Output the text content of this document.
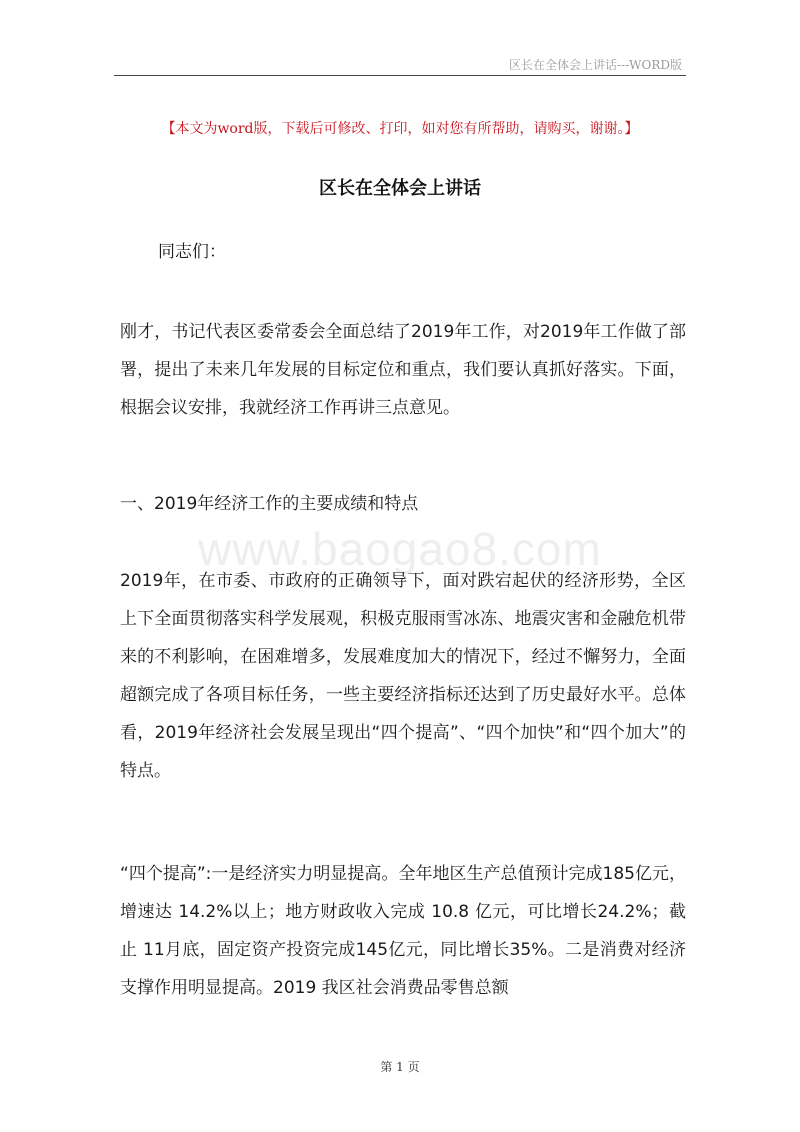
区长在全体会上讲话---WORD版
【本文为word版，下载后可修改、打印，如对您有所帮助，请购买，谢谢。】
区长在全体会上讲话
www.baogao8.com
同志们：
刚才，书记代表区委常委会全面总结了2019年工作，对2019年工作做了部署，提出了未来几年发展的目标定位和重点，我们要认真抓好落实。下面，根据会议安排，我就经济工作再讲三点意见。
一、2019年经济工作的主要成绩和特点
2019年，在市委、市政府的正确领导下，面对跌宕起伏的经济形势，全区上下全面贯彻落实科学发展观，积极克服雨雪冰冻、地震灾害和金融危机带来的不利影响，在困难增多，发展难度加大的情况下，经过不懈努力，全面超额完成了各项目标任务，一些主要经济指标还达到了历史最好水平。总体看，2019年经济社会发展呈现出“四个提高”、“四个加快”和“四个加大”的特点。
“四个提高”:一是经济实力明显提高。全年地区生产总值预计完成185亿元，增速达 14.2%以上；地方财政收入完成 10.8 亿元，可比增长24.2%；截止 11月底，固定资产投资完成145亿元，同比增长35%。二是消费对经济支撑作用明显提高。2019 我区社会消费品零售总额
第 1 页
